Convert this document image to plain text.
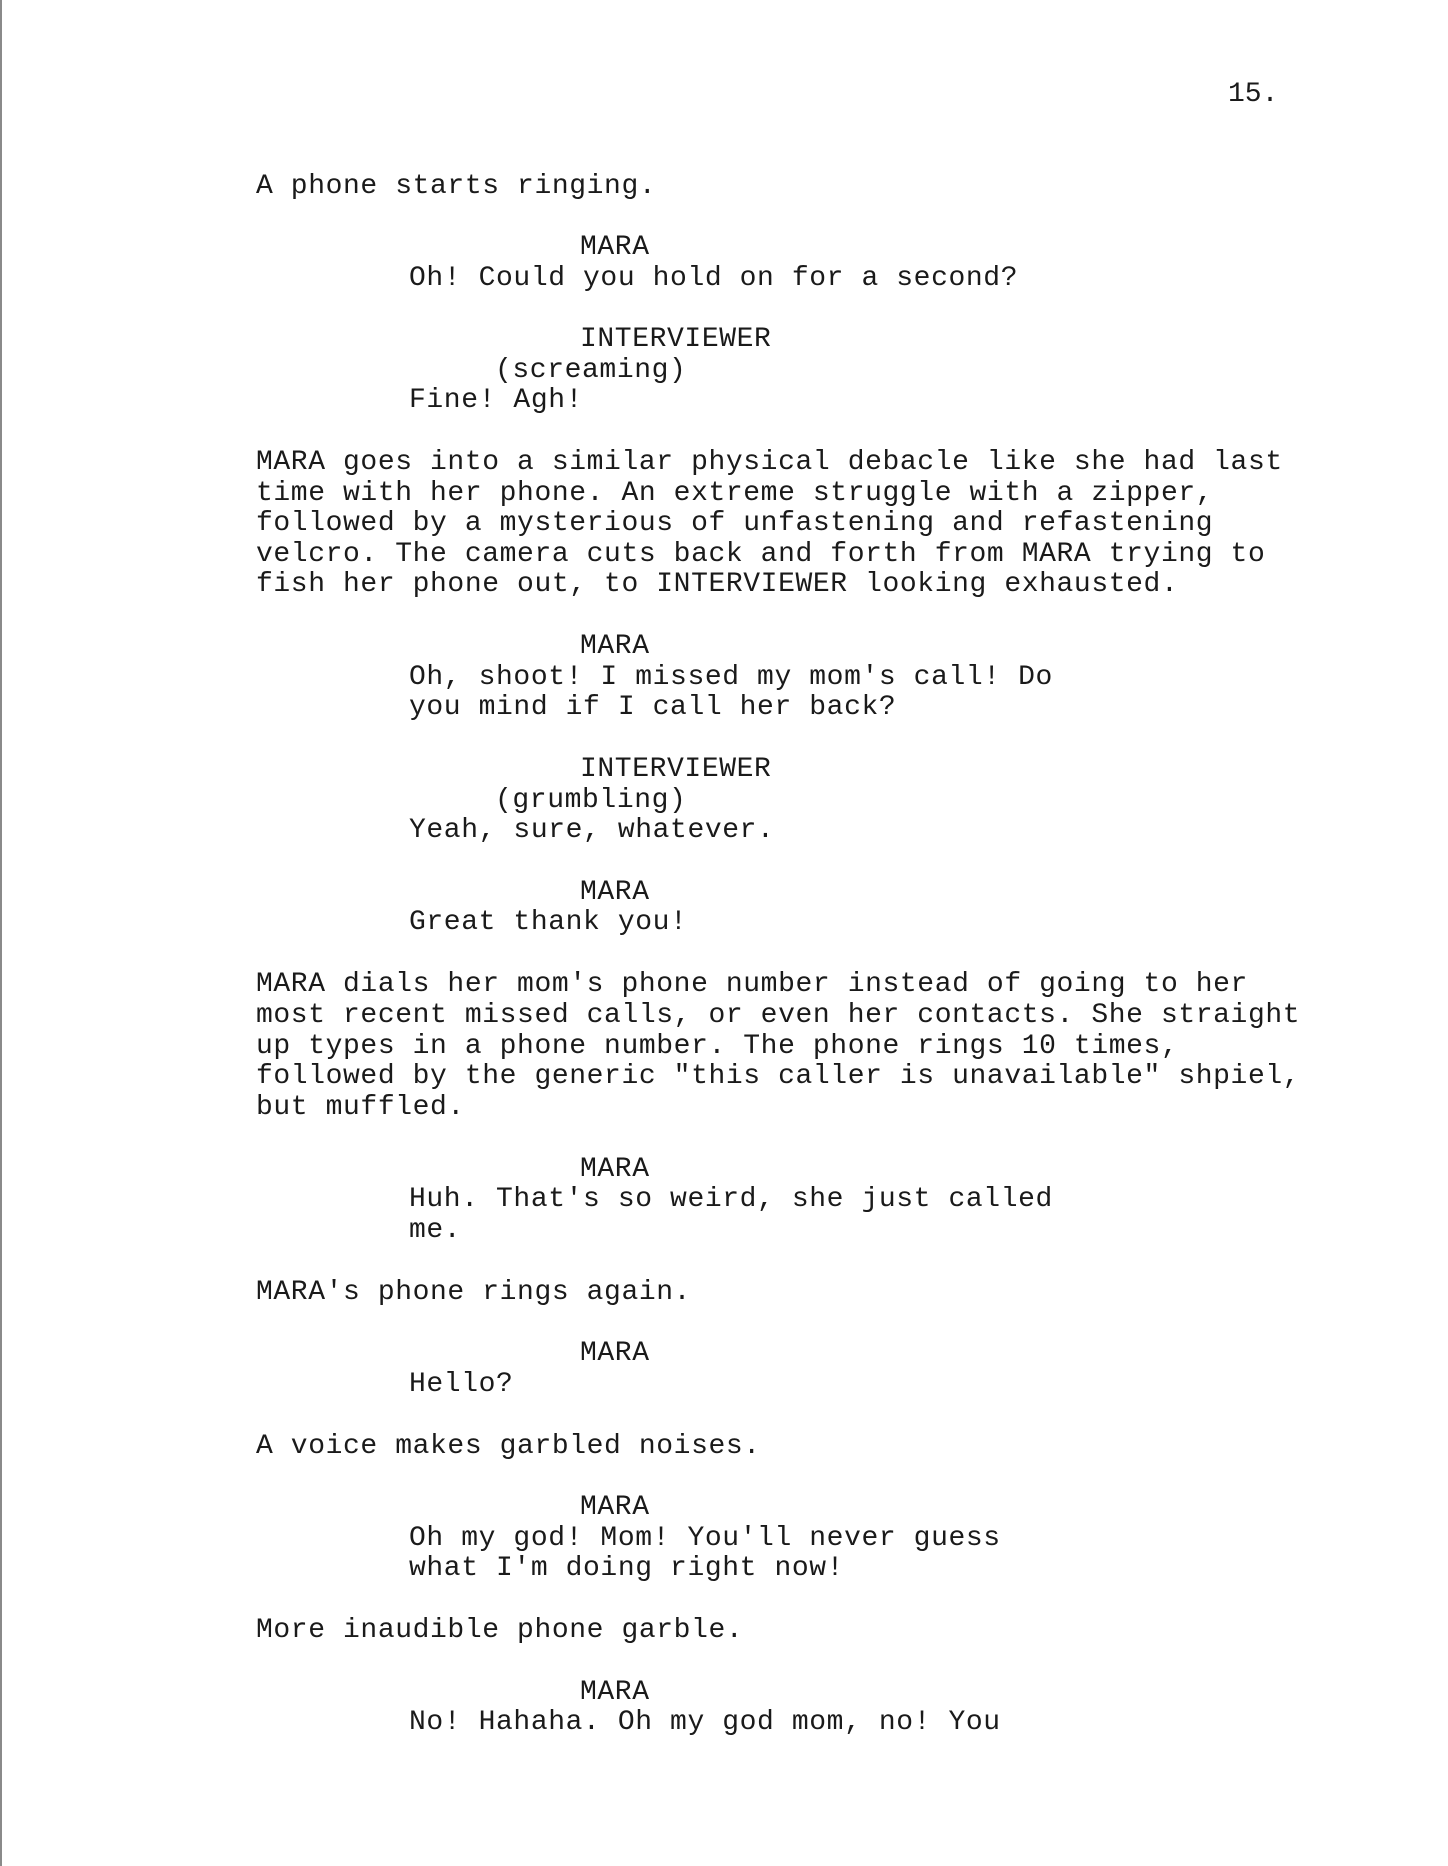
15.
A phone starts ringing.
MARA
Oh! Could you hold on for a second?
INTERVIEWER
(screaming)
Fine! Agh!
MARA goes into a similar physical debacle like she had last
time with her phone. An extreme struggle with a zipper,
followed by a mysterious of unfastening and refastening
velcro. The camera cuts back and forth from MARA trying to
fish her phone out, to INTERVIEWER looking exhausted.
MARA
Oh, shoot! I missed my mom's call! Do
you mind if I call her back?
INTERVIEWER
(grumbling)
Yeah, sure, whatever.
MARA
Great thank you!
MARA dials her mom's phone number instead of going to her
most recent missed calls, or even her contacts. She straight
up types in a phone number. The phone rings 10 times,
followed by the generic "this caller is unavailable" shpiel,
but muffled.
MARA
Huh. That's so weird, she just called
me.
MARA's phone rings again.
MARA
Hello?
A voice makes garbled noises.
MARA
Oh my god! Mom! You'll never guess
what I'm doing right now!
More inaudible phone garble.
MARA
No! Hahaha. Oh my god mom, no! You
